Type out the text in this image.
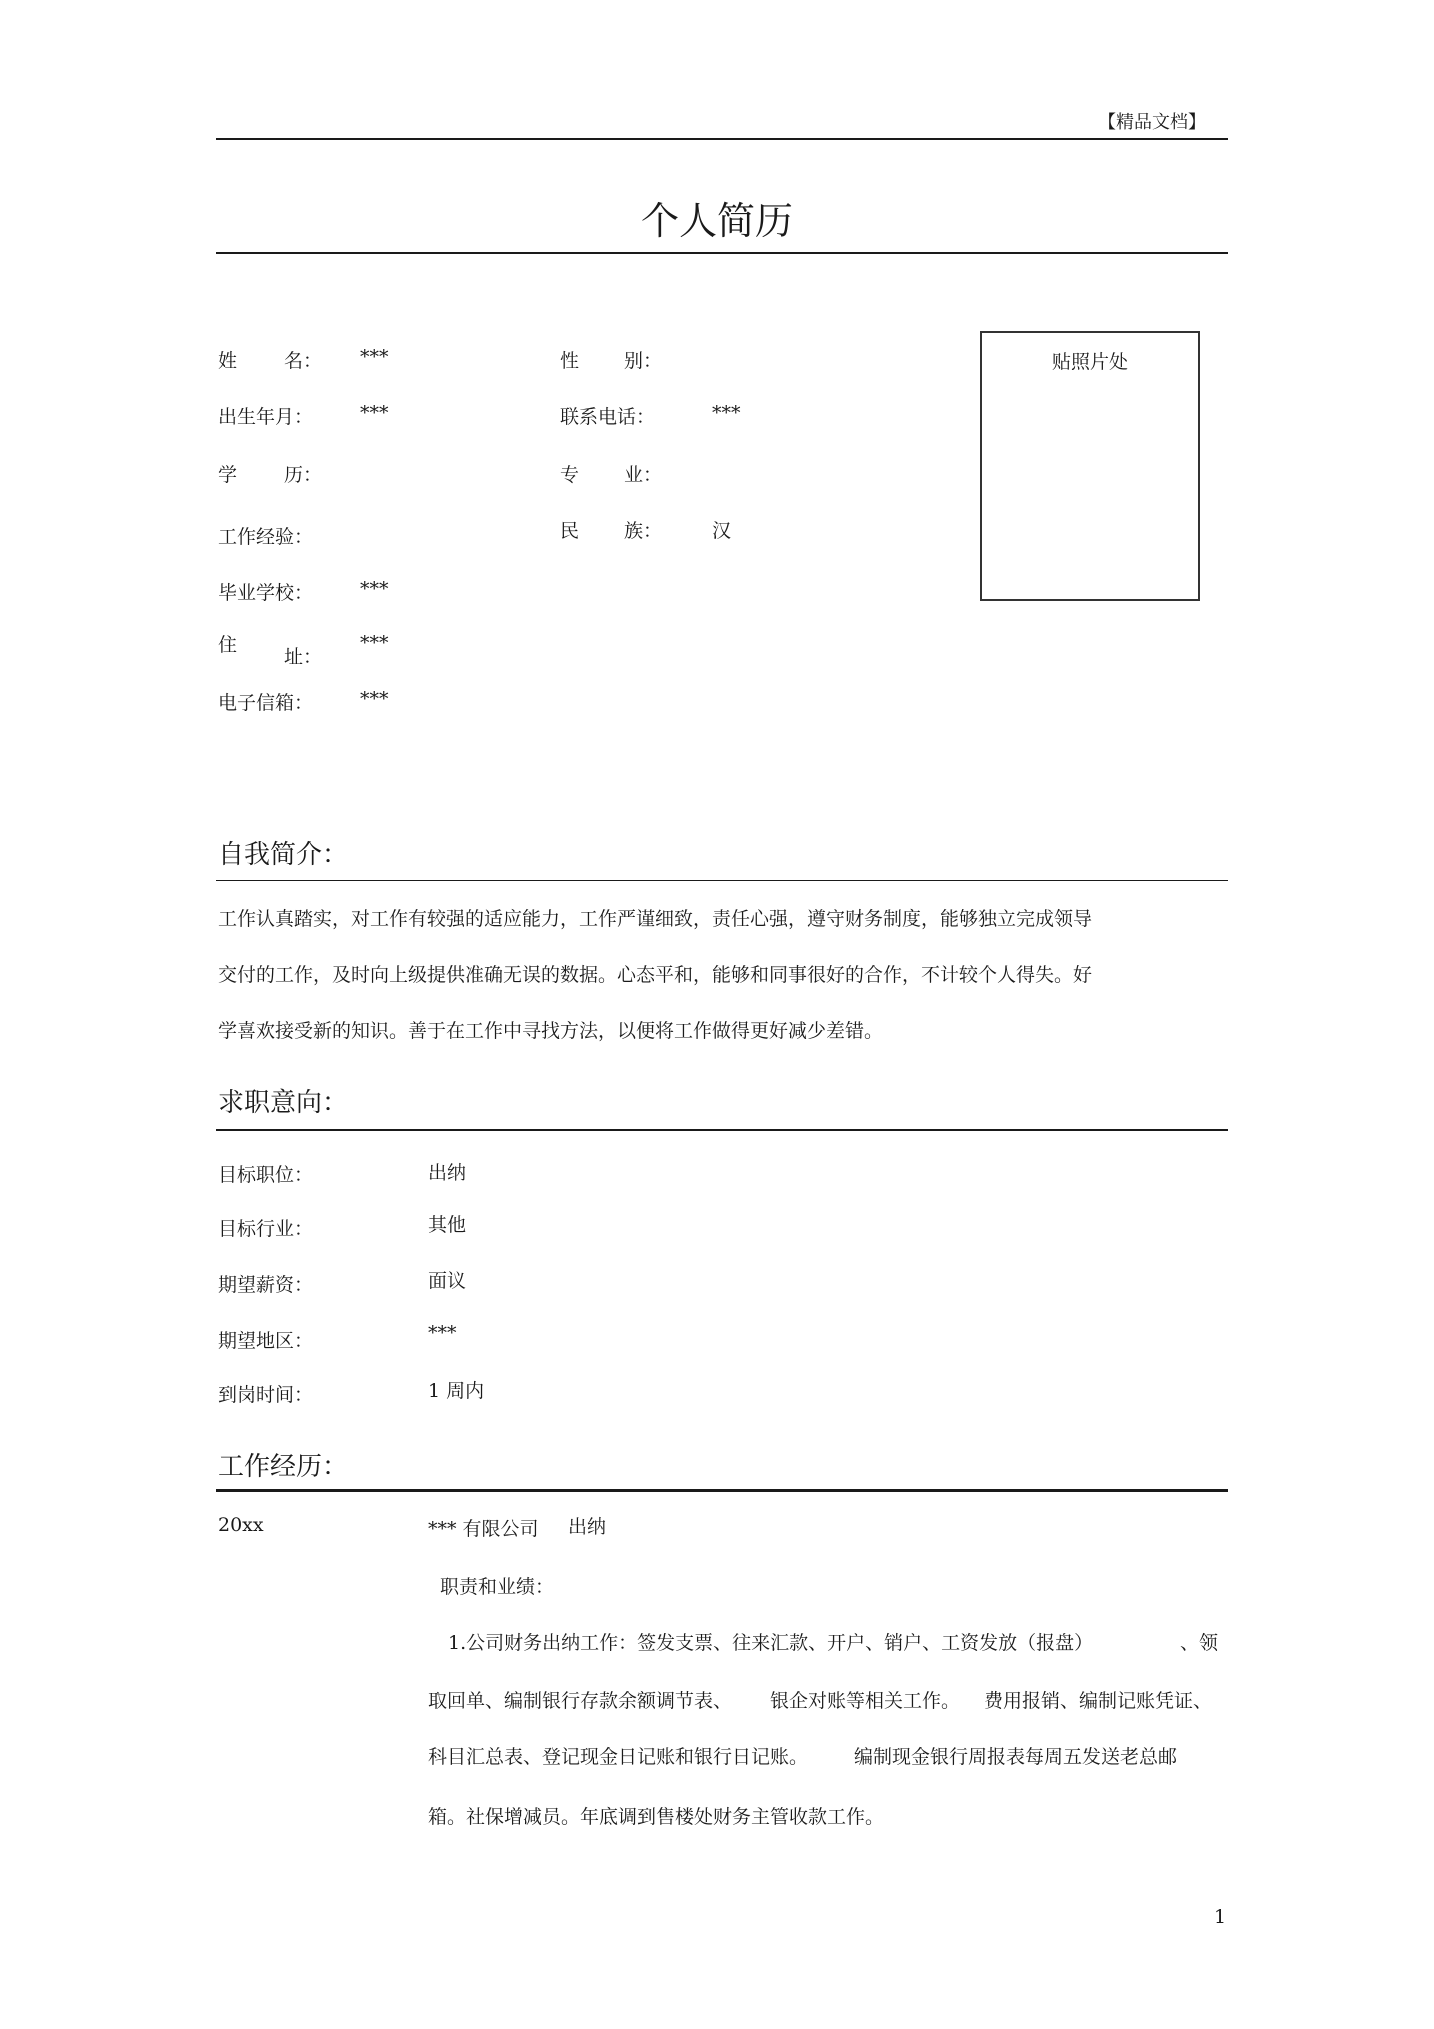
【精品文档】
个人简历
姓 名： ***
出生年月： ***
学 历：
工作经验：
毕业学校： ***
住
址：
***
电子信箱： ***
性 别：
联系电话：	***
专 业：
民 族：	汉
贴照片处
自我简介：
工作认真踏实，对工作有较强的适应能力，工作严谨细致，责任心强，遵守财务制度，能够独立完成领导
交付的工作，及时向上级提供准确无误的数据。心态平和，能够和同事很好的合作，不计较个人得失。好
学喜欢接受新的知识。善于在工作中寻找方法，以便将工作做得更好减少差错。
求职意向：
目标职位：	出纳
目标行业：	其他
期望薪资：	面议
期望地区：	***
到岗时间：	1 周内
工作经历：
20xx	*** 有限公司 出纳
职责和业绩：
1.公司财务出纳工作：签发支票、往来汇款、开户、销户、工资发放（报盘）	、领
取回单、编制银行存款余额调节表、 银企对账等相关工作。 费用报销、编制记账凭证、
科目汇总表、登记现金日记账和银行日记账。 编制现金银行周报表每周五发送老总邮
箱。社保增减员。年底调到售楼处财务主管收款工作。
1
